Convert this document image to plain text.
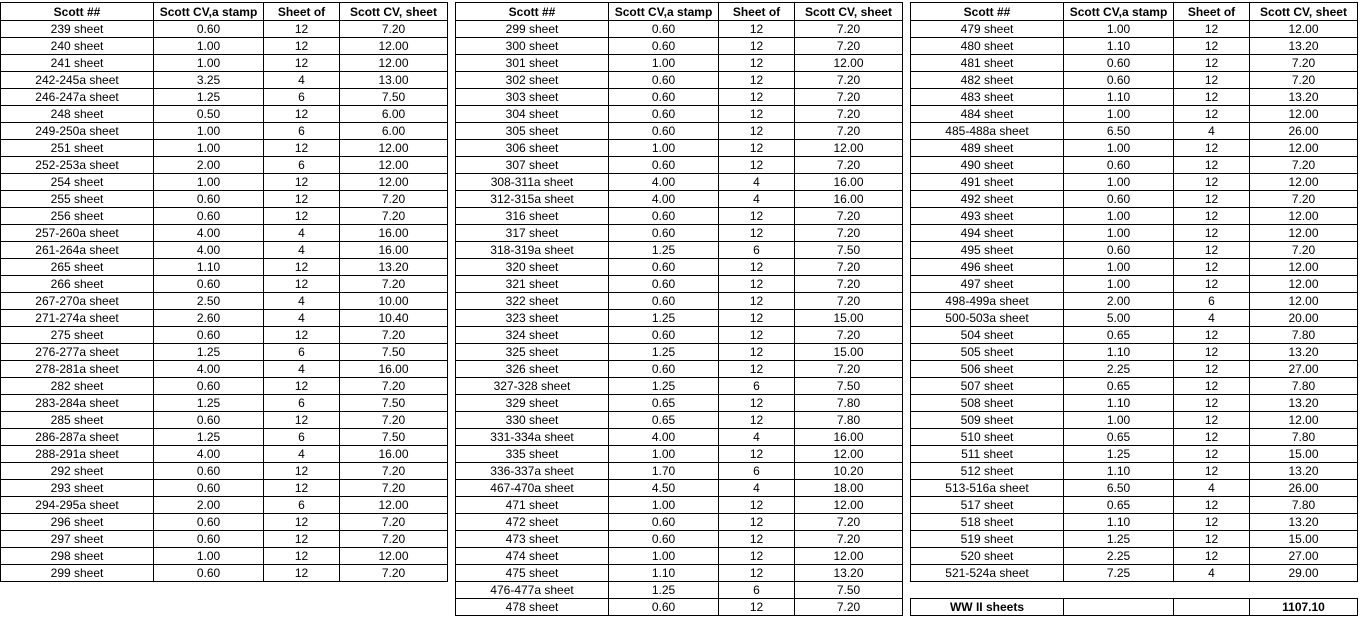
Scott ##	Scott CV,a stamp	Sheet of	Scott CV, sheet
239 sheet	0.60	12	7.20
240 sheet	1.00	12	12.00
241 sheet	1.00	12	12.00
242-245a sheet	3.25	4	13.00
246-247a sheet	1.25	6	7.50
248 sheet	0.50	12	6.00
249-250a sheet	1.00	6	6.00
251 sheet	1.00	12	12.00
252-253a sheet	2.00	6	12.00
254 sheet	1.00	12	12.00
255 sheet	0.60	12	7.20
256 sheet	0.60	12	7.20
257-260a sheet	4.00	4	16.00
261-264a sheet	4.00	4	16.00
265 sheet	1.10	12	13.20
266 sheet	0.60	12	7.20
267-270a sheet	2.50	4	10.00
271-274a sheet	2.60	4	10.40
275 sheet	0.60	12	7.20
276-277a sheet	1.25	6	7.50
278-281a sheet	4.00	4	16.00
282 sheet	0.60	12	7.20
283-284a sheet	1.25	6	7.50
285 sheet	0.60	12	7.20
286-287a sheet	1.25	6	7.50
288-291a sheet	4.00	4	16.00
292 sheet	0.60	12	7.20
293 sheet	0.60	12	7.20
294-295a sheet	2.00	6	12.00
296 sheet	0.60	12	7.20
297 sheet	0.60	12	7.20
298 sheet	1.00	12	12.00
299 sheet	0.60	12	7.20
Scott ##	Scott CV,a stamp	Sheet of	Scott CV, sheet
299 sheet	0.60	12	7.20
300 sheet	0.60	12	7.20
301 sheet	1.00	12	12.00
302 sheet	0.60	12	7.20
303 sheet	0.60	12	7.20
304 sheet	0.60	12	7.20
305 sheet	0.60	12	7.20
306 sheet	1.00	12	12.00
307 sheet	0.60	12	7.20
308-311a sheet	4.00	4	16.00
312-315a sheet	4.00	4	16.00
316 sheet	0.60	12	7.20
317 sheet	0.60	12	7.20
318-319a sheet	1.25	6	7.50
320 sheet	0.60	12	7.20
321 sheet	0.60	12	7.20
322 sheet	0.60	12	7.20
323 sheet	1.25	12	15.00
324 sheet	0.60	12	7.20
325 sheet	1.25	12	15.00
326 sheet	0.60	12	7.20
327-328 sheet	1.25	6	7.50
329 sheet	0.65	12	7.80
330 sheet	0.65	12	7.80
331-334a sheet	4.00	4	16.00
335 sheet	1.00	12	12.00
336-337a sheet	1.70	6	10.20
467-470a sheet	4.50	4	18.00
471 sheet	1.00	12	12.00
472 sheet	0.60	12	7.20
473 sheet	0.60	12	7.20
474 sheet	1.00	12	12.00
475 sheet	1.10	12	13.20
476-477a sheet	1.25	6	7.50
478 sheet	0.60	12	7.20
Scott ##	Scott CV,a stamp	Sheet of	Scott CV, sheet
479 sheet	1.00	12	12.00
480 sheet	1.10	12	13.20
481 sheet	0.60	12	7.20
482 sheet	0.60	12	7.20
483 sheet	1.10	12	13.20
484 sheet	1.00	12	12.00
485-488a sheet	6.50	4	26.00
489 sheet	1.00	12	12.00
490 sheet	0.60	12	7.20
491 sheet	1.00	12	12.00
492 sheet	0.60	12	7.20
493 sheet	1.00	12	12.00
494 sheet	1.00	12	12.00
495 sheet	0.60	12	7.20
496 sheet	1.00	12	12.00
497 sheet	1.00	12	12.00
498-499a sheet	2.00	6	12.00
500-503a sheet	5.00	4	20.00
504 sheet	0.65	12	7.80
505 sheet	1.10	12	13.20
506 sheet	2.25	12	27.00
507 sheet	0.65	12	7.80
508 sheet	1.10	12	13.20
509 sheet	1.00	12	12.00
510 sheet	0.65	12	7.80
511 sheet	1.25	12	15.00
512 sheet	1.10	12	13.20
513-516a sheet	6.50	4	26.00
517 sheet	0.65	12	7.80
518 sheet	1.10	12	13.20
519 sheet	1.25	12	15.00
520 sheet	2.25	12	27.00
521-524a sheet	7.25	4	29.00

WW II sheets			1107.10
